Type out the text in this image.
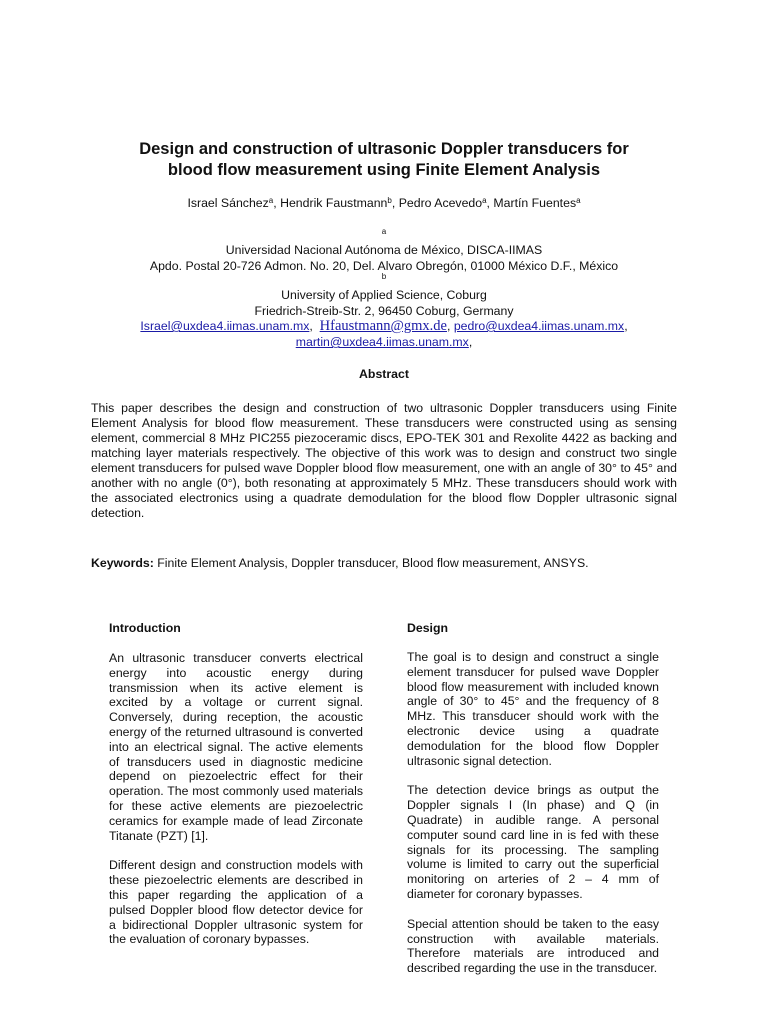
Design and construction of ultrasonic Doppler transducers for
blood flow measurement using Finite Element Analysis
Israel Sánchez$^a$, Hendrik Faustmann$^b$, Pedro Acevedo$^a$, Martín Fuentes$^a$
$^a$
Universidad Nacional Autónoma de México, DISCA-IIMAS
Apdo. Postal 20-726 Admon. No. 20, Del. Alvaro Obregón, 01000 México D.F., México
$^b$
University of Applied Science, Coburg
Friedrich-Streib-Str. 2, 96450 Coburg, Germany
Israel@uxdea4.iimas.unam.mx,  Hfaustmann@gmx.de, pedro@uxdea4.iimas.unam.mx,
martin@uxdea4.iimas.unam.mx,
Abstract

This paper describes the design and construction of two ultrasonic Doppler transducers using Finite Element Analysis for blood flow measurement. These transducers were constructed using as sensing element, commercial 8 MHz PIC255 piezoceramic discs, EPO-TEK 301 and Rexolite 4422 as backing and matching layer materials respectively. The objective of this work was to design and construct two single element transducers for pulsed wave Doppler blood flow measurement, one with an angle of 30° to 45° and another with no angle (0°), both resonating at approximately 5 MHz. These transducers should work with the associated electronics using a quadrate demodulation for the blood flow Doppler ultrasonic signal detection.

Keywords: Finite Element Analysis, Doppler transducer, Blood flow measurement, ANSYS.
Introduction

An ultrasonic transducer converts electrical energy into acoustic energy during transmission when its active element is excited by a voltage or current signal. Conversely, during reception, the acoustic energy of the returned ultrasound is converted into an electrical signal. The active elements of transducers used in diagnostic medicine depend on piezoelectric effect for their operation. The most commonly used materials for these active elements are piezoelectric ceramics for example made of lead Zirconate Titanate (PZT) [1].

Different design and construction models with these piezoelectric elements are described in this paper regarding the application of a pulsed Doppler blood flow detector device for a bidirectional Doppler ultrasonic system for the evaluation of coronary bypasses.

Design

The goal is to design and construct a single element transducer for pulsed wave Doppler blood flow measurement with included known angle of 30° to 45° and the frequency of 8 MHz. This transducer should work with the electronic device using a quadrate demodulation for the blood flow Doppler ultrasonic signal detection.

The detection device brings as output the Doppler signals I (In phase) and Q (in Quadrate) in audible range. A personal computer sound card line in is fed with these signals for its processing. The sampling volume is limited to carry out the superficial monitoring on arteries of 2 – 4 mm of diameter for coronary bypasses.

Special attention should be taken to the easy construction with available materials. Therefore materials are introduced and described regarding the use in the transducer.
